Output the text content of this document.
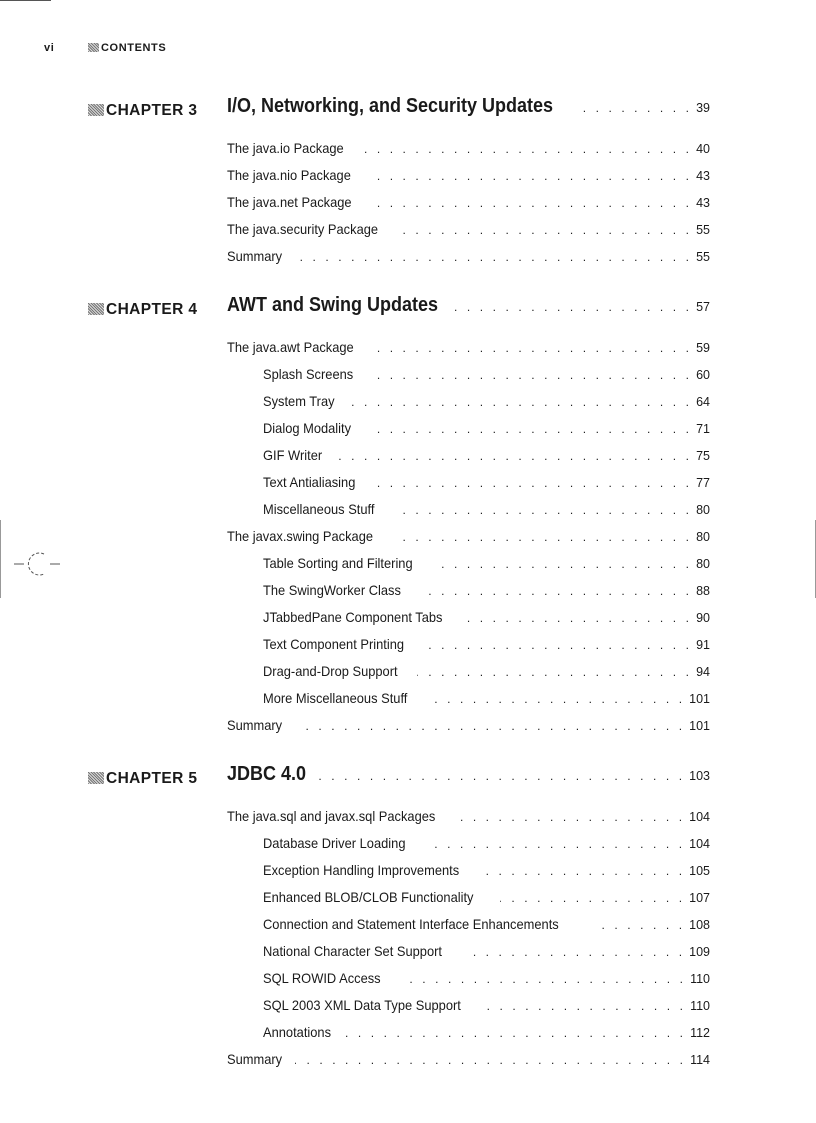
vi	CONTENTS
CHAPTER 3 I/O, Networking, and Security Updates . . .	39
The java.io Package . . .	40
The java.nio Package . . .	43
The java.net Package . . .	43
The java.security Package . . .	55
Summary . . .	55
CHAPTER 4 AWT and Swing Updates . . .	57
The java.awt Package . . .	59
Splash Screens . . .	60
System Tray . . .	64
Dialog Modality . . .	71
GIF Writer . . .	75
Text Antialiasing . . .	77
Miscellaneous Stuff . . .	80
The javax.swing Package . . .	80
Table Sorting and Filtering . . .	80
The SwingWorker Class . . .	88
JTabbedPane Component Tabs . . .	90
Text Component Printing . . .	91
Drag-and-Drop Support . . .	94
More Miscellaneous Stuff . . .	101
Summary . . .	101
CHAPTER 5 JDBC 4.0 . . .	103
The java.sql and javax.sql Packages . . .	104
Database Driver Loading . . .	104
Exception Handling Improvements . . .	105
Enhanced BLOB/CLOB Functionality . . .	107
Connection and Statement Interface Enhancements . . .	108
National Character Set Support . . .	109
SQL ROWID Access . . .	110
SQL 2003 XML Data Type Support . . .	110
Annotations . . .	112
Summary . . .	114
